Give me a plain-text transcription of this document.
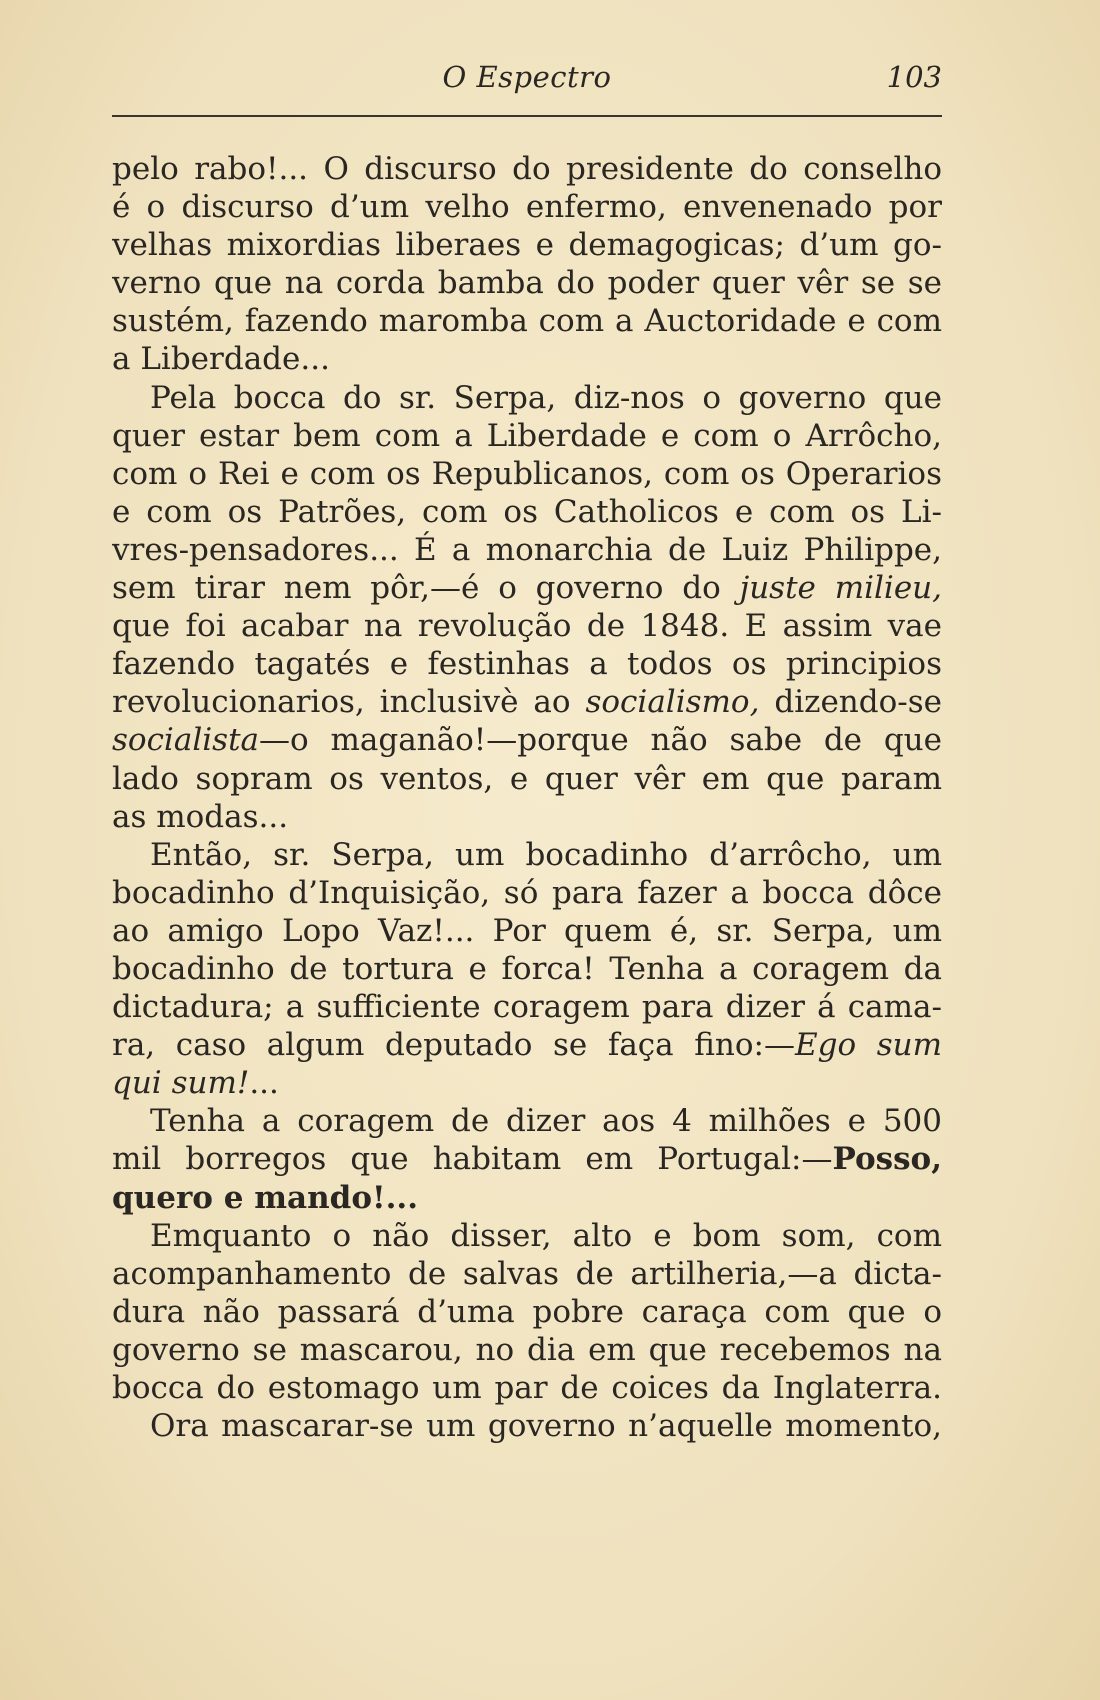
O Espectro	103
pelo rabo!... O discurso do presidente do conselho
é o discurso d’um velho enfermo, envenenado por
velhas mixordias liberaes e demagogicas; d’um go-
verno que na corda bamba do poder quer vêr se se
sustém, fazendo maromba com a Auctoridade e com
a Liberdade...
Pela bocca do sr. Serpa, diz-nos o governo que
quer estar bem com a Liberdade e com o Arrôcho,
com o Rei e com os Republicanos, com os Operarios
e com os Patrões, com os Catholicos e com os Li-
vres-pensadores... É a monarchia de Luiz Philippe,
sem tirar nem pôr,—é o governo do juste milieu,
que foi acabar na revolução de 1848. E assim vae
fazendo tagatés e festinhas a todos os principios
revolucionarios, inclusivè ao socialismo, dizendo-se
socialista—o maganão!—porque não sabe de que
lado sopram os ventos, e quer vêr em que param
as modas...
Então, sr. Serpa, um bocadinho d’arrôcho, um
bocadinho d’Inquisição, só para fazer a bocca dôce
ao amigo Lopo Vaz!... Por quem é, sr. Serpa, um
bocadinho de tortura e forca! Tenha a coragem da
dictadura; a sufficiente coragem para dizer á cama-
ra, caso algum deputado se faça fino:—Ego sum
qui sum!...
Tenha a coragem de dizer aos 4 milhões e 500
mil borregos que habitam em Portugal:—Posso,
quero e mando!...
Emquanto o não disser, alto e bom som, com
acompanhamento de salvas de artilheria,—a dicta-
dura não passará d’uma pobre caraça com que o
governo se mascarou, no dia em que recebemos na
bocca do estomago um par de coices da Inglaterra.
Ora mascarar-se um governo n’aquelle momento,
